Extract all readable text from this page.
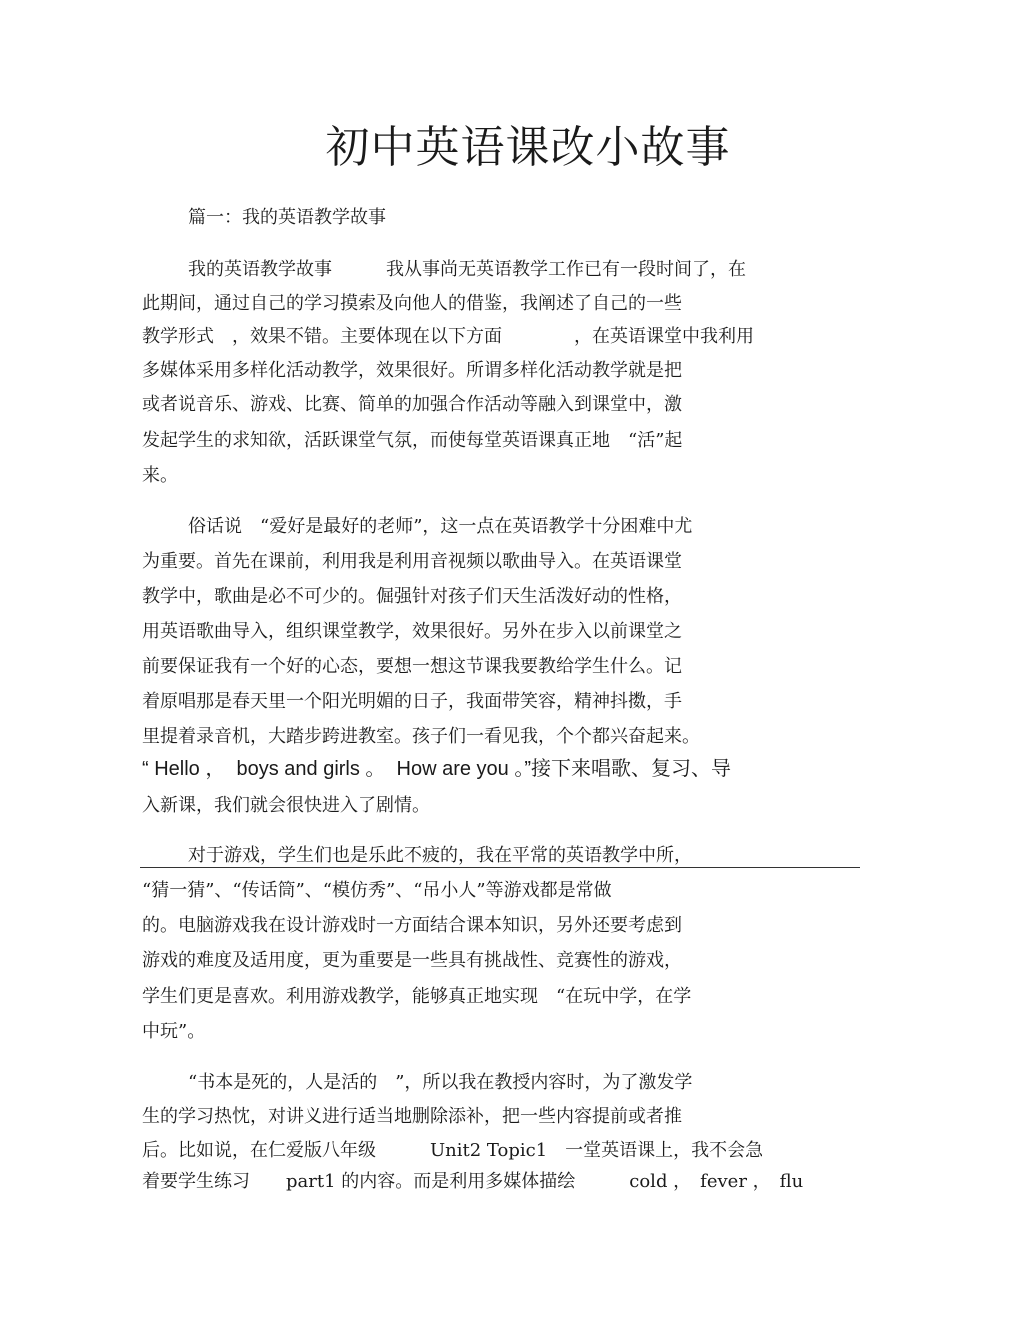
初中英语课改小故事
篇一：我的英语教学故事
我的英语教学故事　　　我从事尚无英语教学工作已有一段时间了，在
此期间，通过自己的学习摸索及向他人的借鉴，我阐述了自己的一些
教学形式　，效果不错。主要体现在以下方面　　　　，在英语课堂中我利用
多媒体采用多样化活动教学，效果很好。所谓多样化活动教学就是把
或者说音乐、游戏、比赛、简单的加强合作活动等融入到课堂中，激
发起学生的求知欲，活跃课堂气氛，而使每堂英语课真正地　“活”起
来。
俗话说　“爱好是最好的老师”，这一点在英语教学十分困难中尤
为重要。首先在课前，利用我是利用音视频以歌曲导入。在英语课堂
教学中，歌曲是必不可少的。倔强针对孩子们天生活泼好动的性格，
用英语歌曲导入，组织课堂教学，效果很好。另外在步入以前课堂之
前要保证我有一个好的心态，要想一想这节课我要教给学生什么。记
着原唱那是春天里一个阳光明媚的日子，我面带笑容，精神抖擞，手
里提着录音机，大踏步跨进教室。孩子们一看见我，个个都兴奋起来。
“ Hello ，  boys and girls 。  How are you 。”接下来唱歌、复习、导
入新课，我们就会很快进入了剧情。
对于游戏，学生们也是乐此不疲的，我在平常的英语教学中所，
“猜一猜”、“传话筒”、“模仿秀”、“吊小人”等游戏都是常做
的。电脑游戏我在设计游戏时一方面结合课本知识，另外还要考虑到
游戏的难度及适用度，更为重要是一些具有挑战性、竞赛性的游戏，
学生们更是喜欢。利用游戏教学，能够真正地实现　“在玩中学，在学
中玩”。
“书本是死的，人是活的　”，所以我在教授内容时，为了激发学
生的学习热忱，对讲义进行适当地删除添补，把一些内容提前或者推
后。比如说，在仁爱版八年级　　　Unit2 Topic1　一堂英语课上，我不会急
着要学生练习　　part1 的内容。而是利用多媒体描绘　　　cold ，　fever ，　flu
